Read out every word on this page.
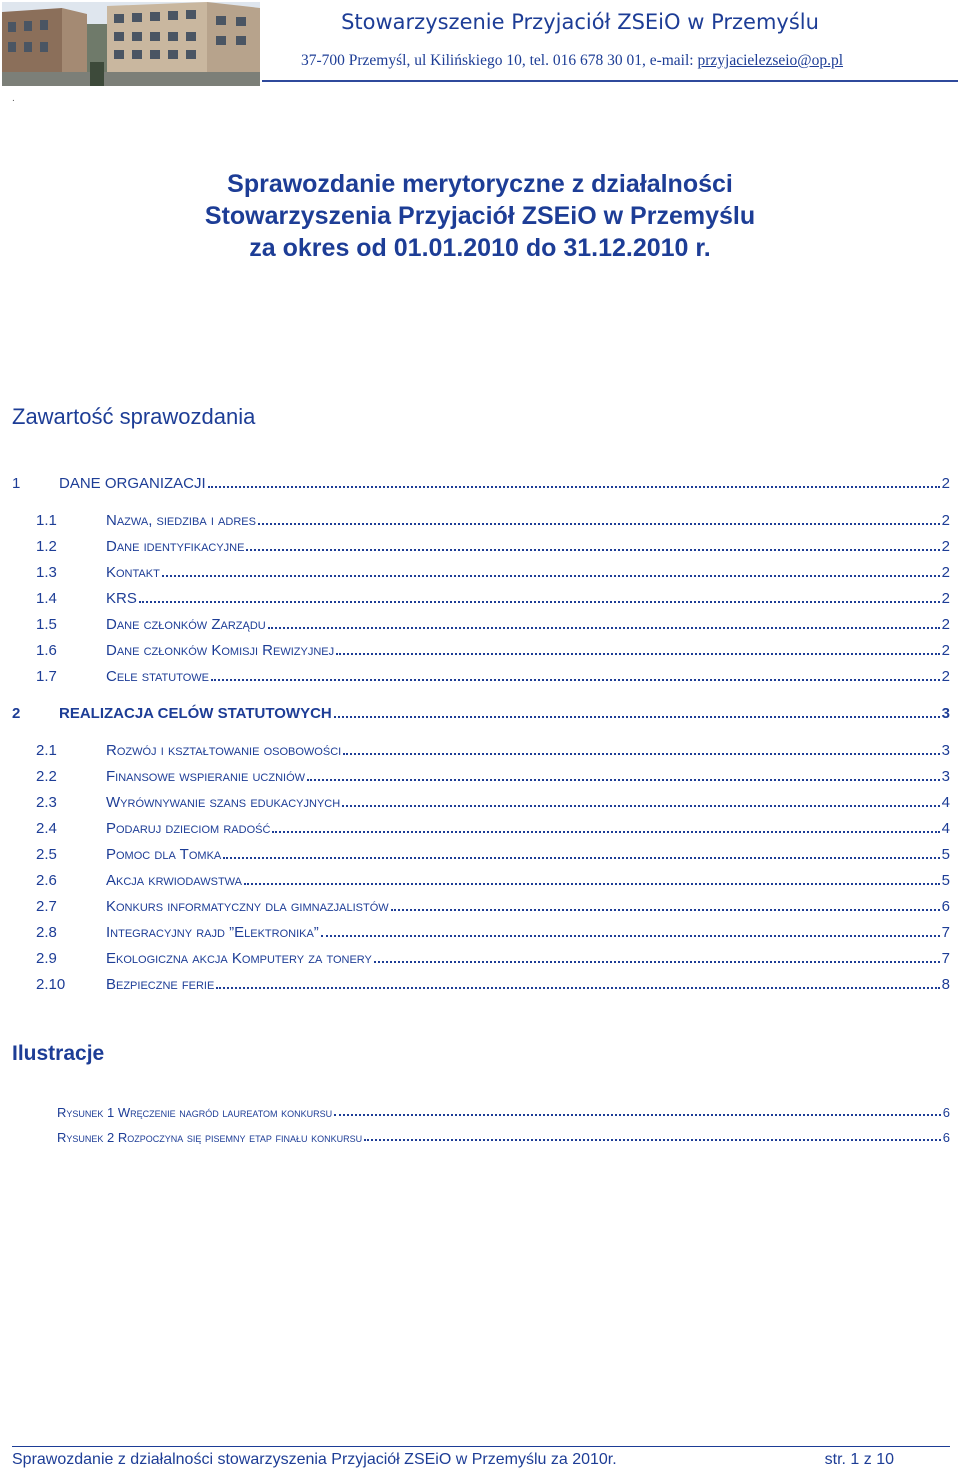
Stowarzyszenie Przyjaciół ZSEiO w Przemyślu
37-700 Przemyśl, ul Kilińskiego 10, tel. 016 678 30 01, e-mail: przyjacielezseio@op.pl
.
Sprawozdanie merytoryczne z działalności
Stowarzyszenia Przyjaciół ZSEiO w Przemyślu
za okres od 01.01.2010 do 31.12.2010 r.
Zawartość sprawozdania
1	DANE ORGANIZACJI	2
1.1	Nazwa, siedziba i adres	2
1.2	Dane identyfikacyjne	2
1.3	Kontakt	2
1.4	KRS	2
1.5	Dane członków Zarządu	2
1.6	Dane członków Komisji Rewizyjnej	2
1.7	Cele statutowe	2
2	REALIZACJA CELÓW STATUTOWYCH	3
2.1	Rozwój i kształtowanie osobowości	3
2.2	Finansowe wspieranie uczniów	3
2.3	Wyrównywanie szans edukacyjnych	4
2.4	Podaruj dzieciom radość	4
2.5	Pomoc dla Tomka	5
2.6	Akcja krwiodawstwa	5
2.7	Konkurs informatyczny dla gimnazjalistów	6
2.8	Integracyjny rajd ”Elektronika”	7
2.9	Ekologiczna akcja Komputery za tonery	7
2.10	Bezpieczne ferie	8
Ilustracje
Rysunek 1 Wręczenie nagród laureatom konkursu	6
Rysunek 2 Rozpoczyna się pisemny etap finału konkursu	6
Sprawozdanie z działalności stowarzyszenia Przyjaciół ZSEiO w Przemyślu za 2010r.	str. 1 z 10
